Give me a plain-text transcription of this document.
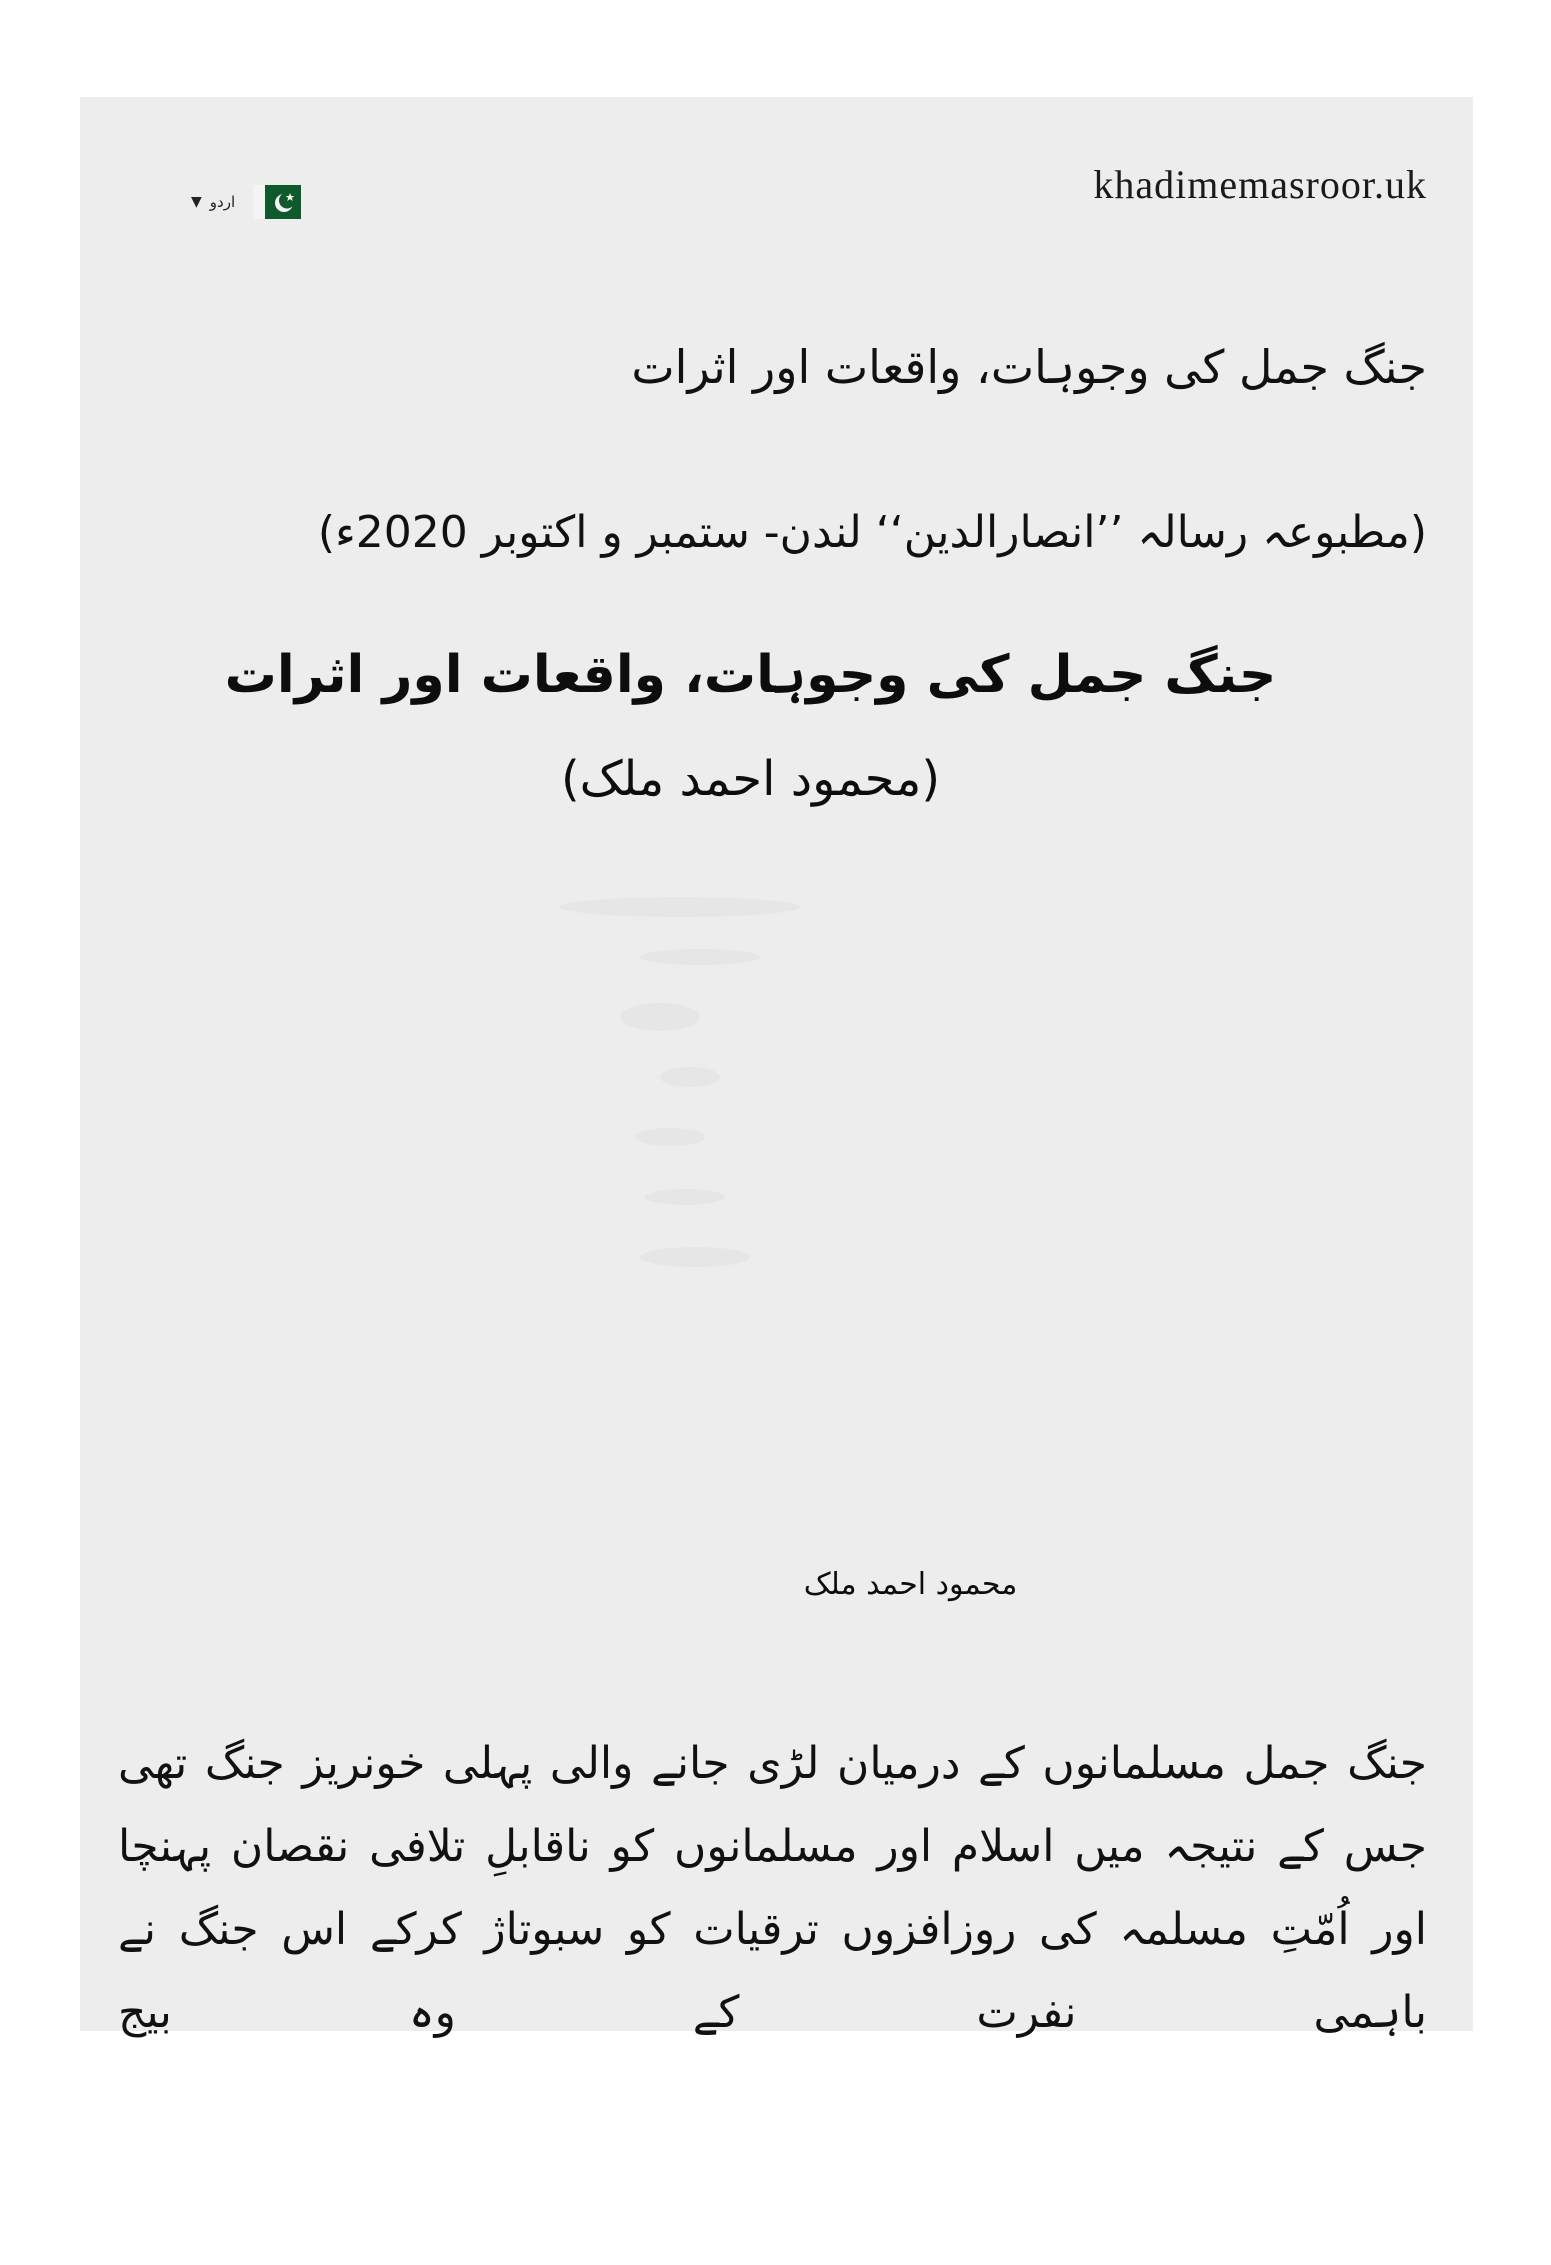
khadimemasroor.uk
▼ اردو
جنگ جمل کی وجوہات، واقعات اور اثرات
(مطبوعہ رسالہ ’’انصارالدین‘‘ لندن- ستمبر و اکتوبر 2020ء)
جنگ جمل کی وجوہات، واقعات اور اثرات
(محمود احمد ملک)
محمود احمد ملک
جنگ جمل مسلمانوں کے درمیان لڑی جانے والی پہلی خونریز جنگ تھی جس کے نتیجہ میں اسلام اور مسلمانوں کو ناقابلِ تلافی نقصان پہنچا اور اُمّتِ مسلمہ کی روزافزوں ترقیات کو سبوتاژ کرکے اس جنگ نے باہمی نفرت کے وہ بیج
